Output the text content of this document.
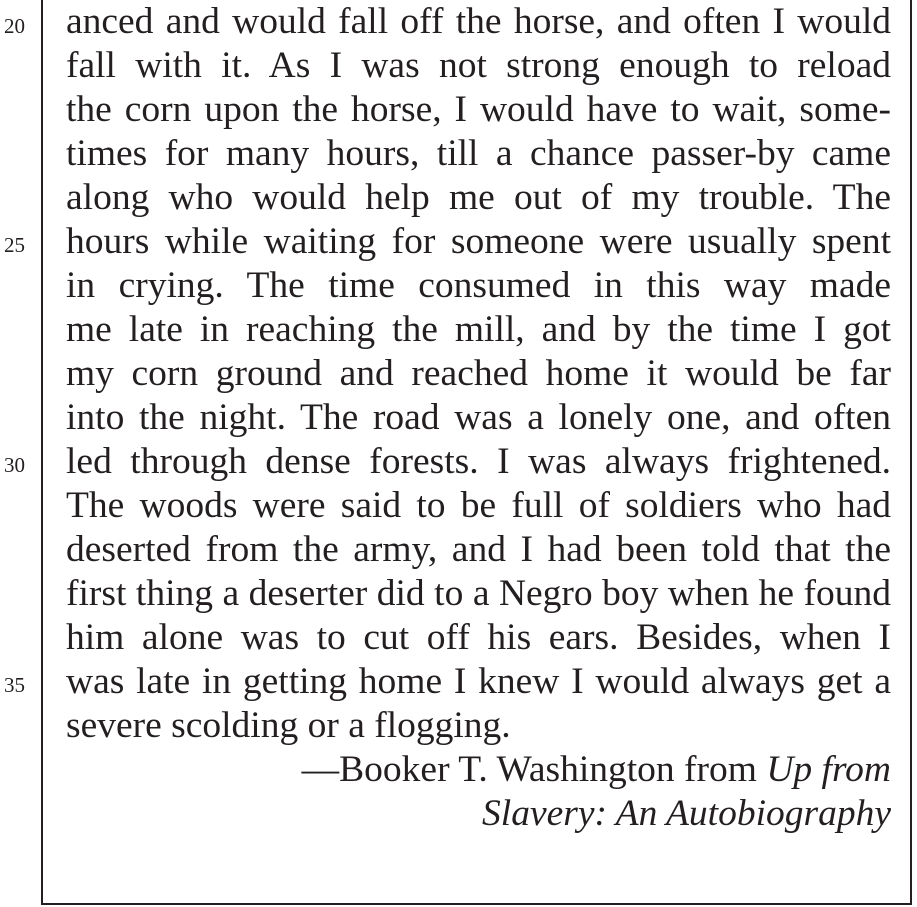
anced and would fall off the horse, and often I would
fall with it. As I was not strong enough to reload
the corn upon the horse, I would have to wait, some-
times for many hours, till a chance passer-by came
along who would help me out of my trouble. The
hours while waiting for someone were usually spent
in crying. The time consumed in this way made
me late in reaching the mill, and by the time I got
my corn ground and reached home it would be far
into the night. The road was a lonely one, and often
led through dense forests. I was always frightened.
The woods were said to be full of soldiers who had
deserted from the army, and I had been told that the
first thing a deserter did to a Negro boy when he found
him alone was to cut off his ears. Besides, when I
was late in getting home I knew I would always get a
severe scolding or a flogging.
—Booker T. Washington from Up from
Slavery: An Autobiography
20
25
30
35
